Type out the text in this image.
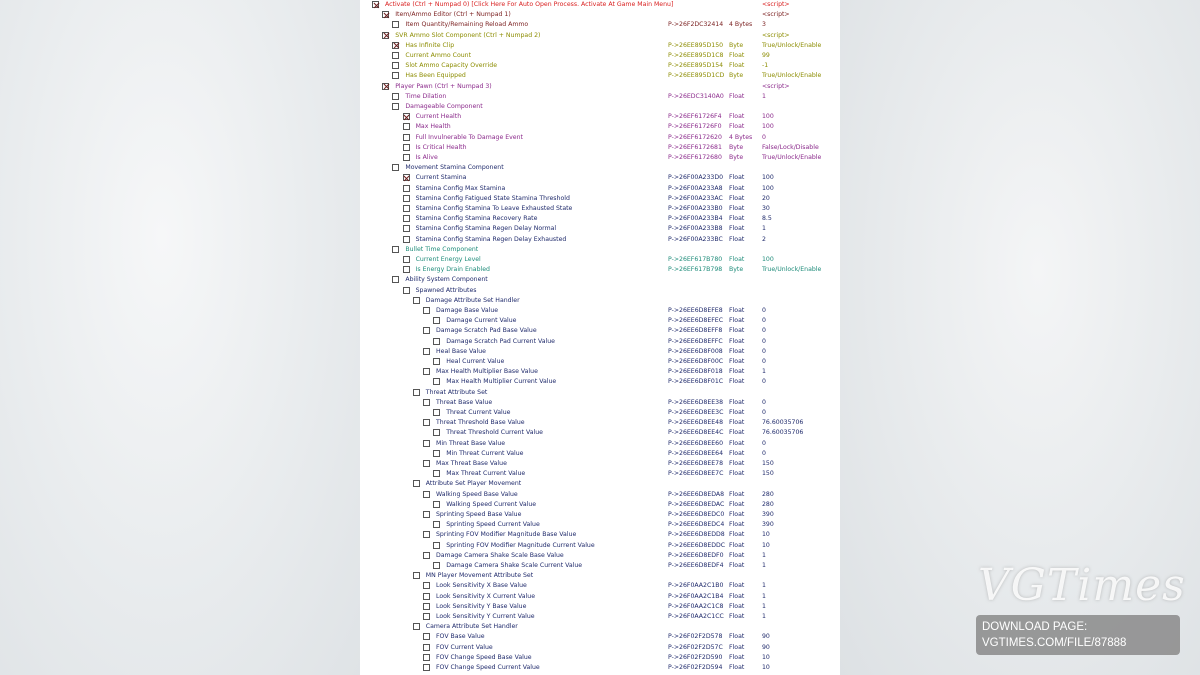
Activate (Ctrl + Numpad 0) [Click Here For Auto Open Process. Activate At Game Main Menu]	<script>
Item/Ammo Editor (Ctrl + Numpad 1)	<script>
Item Quantity/Remaining Reload Ammo	P->26F2DC32414 4 Bytes 3
SVR Ammo Slot Component (Ctrl + Numpad 2)	<script>
Has Infinite Clip	P->26EE895D150 Byte	True/Unlock/Enable
Current Ammo Count	P->26EE895D1C8 Float	99
Slot Ammo Capacity Override	P->26EE895D154 Float	-1
Has Been Equipped	P->26EE895D1CD Byte	True/Unlock/Enable
Player Pawn (Ctrl + Numpad 3)	<script>
Time Dilation	P->26EDC3140A0 Float	1
Damageable Component
Current Health	P->26EF61726F4 Float	100
Max Health	P->26EF61726F0 Float	100
Full Invulnerable To Damage Event	P->26EF6172620 4 Bytes 0
Is Critical Health	P->26EF6172681 Byte	False/Lock/Disable
Is Alive	P->26EF6172680 Byte	True/Unlock/Enable
Movement Stamina Component
Current Stamina	P->26F00A233D0 Float	100
Stamina Config Max Stamina	P->26F00A233A8 Float	100
Stamina Config Fatigued State Stamina Threshold	P->26F00A233AC Float	20
Stamina Config Stamina To Leave Exhausted State	P->26F00A233B0 Float	30
Stamina Config Stamina Recovery Rate	P->26F00A233B4 Float	8.5
Stamina Config Stamina Regen Delay Normal	P->26F00A233B8 Float	1
Stamina Config Stamina Regen Delay Exhausted	P->26F00A233BC Float	2
Bullet Time Component
Current Energy Level	P->26EF617B780 Float	100
Is Energy Drain Enabled	P->26EF617B798 Byte	True/Unlock/Enable
Ability System Component
Spawned Attributes
Damage Attribute Set Handler
Damage Base Value	P->26EE6D8EFE8 Float	0
Damage Current Value	P->26EE6D8EFEC Float	0
Damage Scratch Pad Base Value	P->26EE6D8EFF8 Float	0
Damage Scratch Pad Current Value	P->26EE6D8EFFC Float	0
Heal Base Value	P->26EE6D8F008 Float	0
Heal Current Value	P->26EE6D8F00C Float	0
Max Health Multiplier Base Value	P->26EE6D8F018 Float	1
Max Health Multiplier Current Value	P->26EE6D8F01C Float	0
Threat Attribute Set
Threat Base Value	P->26EE6D8EE38 Float	0
Threat Current Value	P->26EE6D8EE3C Float	0
Threat Threshold Base Value	P->26EE6D8EE48 Float	76.60035706
Threat Threshold Current Value	P->26EE6D8EE4C Float	76.60035706
Min Threat Base Value	P->26EE6D8EE60 Float	0
Min Threat Current Value	P->26EE6D8EE64 Float	0
Max Threat Base Value	P->26EE6D8EE78 Float	150
Max Threat Current Value	P->26EE6D8EE7C Float	150
Attribute Set Player Movement
Walking Speed Base Value	P->26EE6D8EDA8 Float	280
Walking Speed Current Value	P->26EE6D8EDAC Float	280
Sprinting Speed Base Value	P->26EE6D8EDC0 Float	390
Sprinting Speed Current Value	P->26EE6D8EDC4 Float	390
Sprinting FOV Modifier Magnitude Base Value	P->26EE6D8EDD8 Float	10
Sprinting FOV Modifier Magnitude Current Value	P->26EE6D8EDDC Float	10
Damage Camera Shake Scale Base Value	P->26EE6D8EDF0 Float	1
Damage Camera Shake Scale Current Value	P->26EE6D8EDF4 Float	1
MN Player Movement Attribute Set
Look Sensitivity X Base Value	P->26F0AA2C1B0 Float	1
Look Sensitivity X Current Value	P->26F0AA2C1B4 Float	1
Look Sensitivity Y Base Value	P->26F0AA2C1C8 Float	1
Look Sensitivity Y Current Value	P->26F0AA2C1CC Float	1
Camera Attribute Set Handler
FOV Base Value	P->26F02F2D578 Float	90
FOV Current Value	P->26F02F2D57C Float	90
FOV Change Speed Base Value	P->26F02F2D590 Float	10
FOV Change Speed Current Value	P->26F02F2D594 Float	10
VGTimes
DOWNLOAD PAGE:
VGTIMES.COM/FILE/87888
